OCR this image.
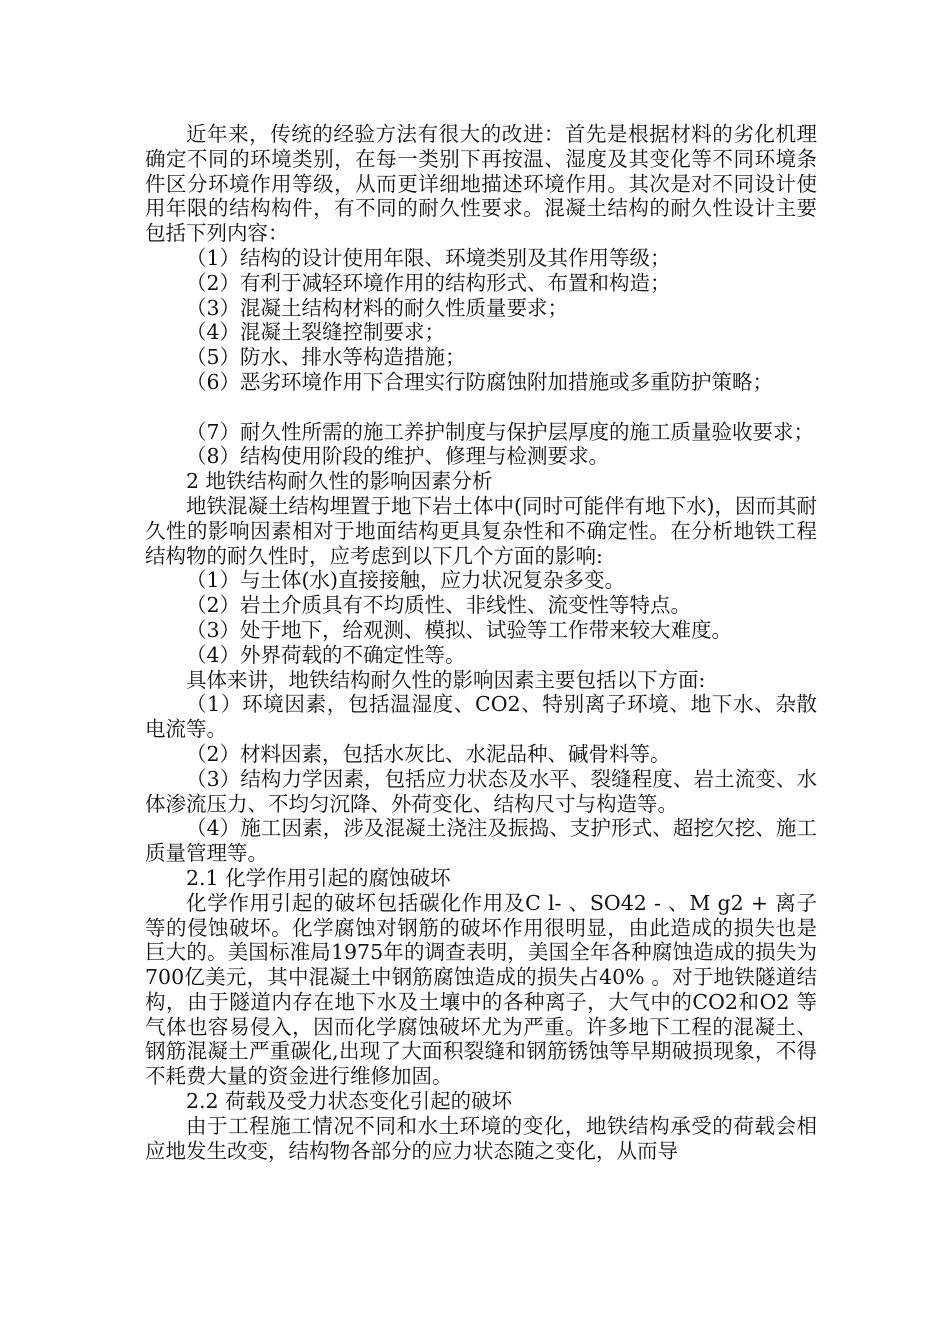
近年来，传统的经验方法有很大的改进：首先是根据材料的劣化机理确定不同的环境类别，在每一类别下再按温、湿度及其变化等不同环境条件区分环境作用等级，从而更详细地描述环境作用。其次是对不同设计使用年限的结构构件，有不同的耐久性要求。混凝土结构的耐久性设计主要包括下列内容：

（1）结构的设计使用年限、环境类别及其作用等级；

（2）有利于减轻环境作用的结构形式、布置和构造；

（3）混凝土结构材料的耐久性质量要求；

（4）混凝土裂缝控制要求；

（5）防水、排水等构造措施；

（6）恶劣环境作用下合理实行防腐蚀附加措施或多重防护策略；

（7）耐久性所需的施工养护制度与保护层厚度的施工质量验收要求；

（8）结构使用阶段的维护、修理与检测要求。

2 地铁结构耐久性的影响因素分析

地铁混凝土结构埋置于地下岩土体中(同时可能伴有地下水)，因而其耐久性的影响因素相对于地面结构更具复杂性和不确定性。在分析地铁工程结构物的耐久性时，应考虑到以下几个方面的影响:

（1）与土体(水)直接接触，应力状况复杂多变。

（2）岩土介质具有不均质性、非线性、流变性等特点。

（3）处于地下，给观测、模拟、试验等工作带来较大难度。

（4）外界荷载的不确定性等。

具体来讲，地铁结构耐久性的影响因素主要包括以下方面:

（1）环境因素，包括温湿度、CO2、特别离子环境、地下水、杂散电流等。

（2）材料因素，包括水灰比、水泥品种、碱骨料等。

（3）结构力学因素，包括应力状态及水平、裂缝程度、岩土流变、水体渗流压力、不均匀沉降、外荷变化、结构尺寸与构造等。

（4）施工因素，涉及混凝土浇注及振捣、支护形式、超挖欠挖、施工质量管理等。

2.1 化学作用引起的腐蚀破坏

化学作用引起的破坏包括碳化作用及C l- 、SO42 - 、M g2 + 离子等的侵蚀破坏。化学腐蚀对钢筋的破坏作用很明显，由此造成的损失也是巨大的。美国标准局1975年的调查表明，美国全年各种腐蚀造成的损失为700亿美元，其中混凝土中钢筋腐蚀造成的损失占40% 。对于地铁隧道结构，由于隧道内存在地下水及土壤中的各种离子，大气中的CO2和O2 等气体也容易侵入，因而化学腐蚀破坏尤为严重。许多地下工程的混凝土、钢筋混凝土严重碳化,出现了大面积裂缝和钢筋锈蚀等早期破损现象，不得不耗费大量的资金进行维修加固。

2.2 荷载及受力状态变化引起的破坏

由于工程施工情况不同和水土环境的变化，地铁结构承受的荷载会相应地发生改变，结构物各部分的应力状态随之变化，从而导
